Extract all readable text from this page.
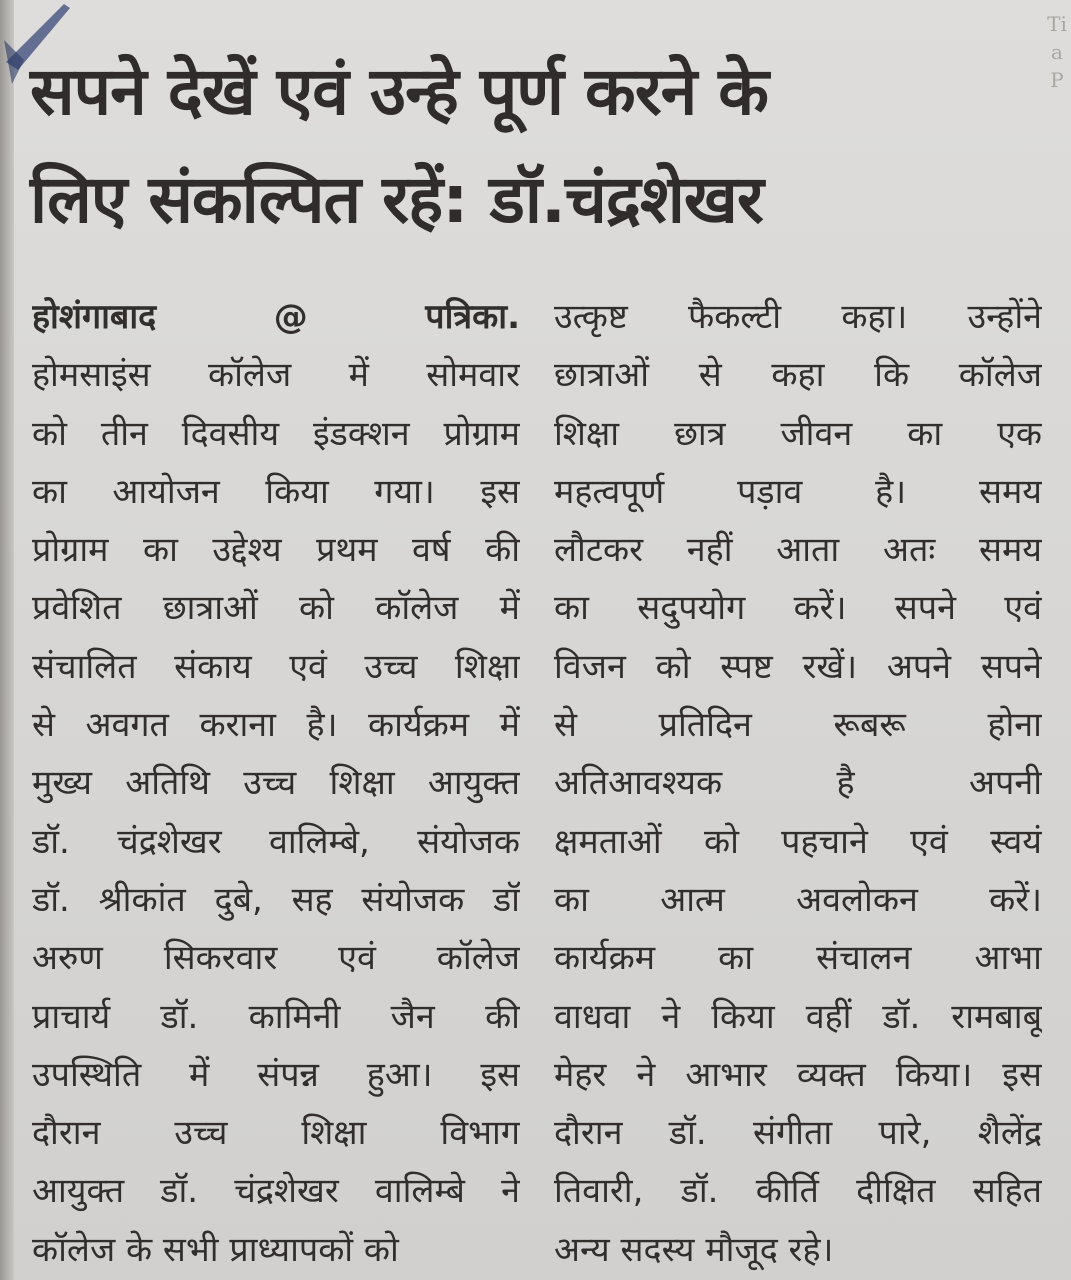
Ti
a
P
सपने देखें एवं उन्हे पूर्ण करने के
लिए संकल्पित रहें: डॉ.चंद्रशेखर
होशंगाबाद	@	पत्रिका.
होमसाइंस कॉलेज में सोमवार
को तीन दिवसीय इंडक्शन प्रोग्राम
का आयोजन किया गया। इस
प्रोग्राम का उद्देश्य प्रथम वर्ष की
प्रवेशित छात्राओं को कॉलेज में
संचालित संकाय एवं उच्च शिक्षा
से अवगत कराना है। कार्यक्रम में
मुख्य अतिथि उच्च शिक्षा आयुक्त
डॉ. चंद्रशेखर वालिम्बे, संयोजक
डॉ. श्रीकांत दुबे, सह संयोजक डॉ
अरुण सिकरवार एवं कॉलेज
प्राचार्य डॉ. कामिनी जैन की
उपस्थिति में संपन्न हुआ। इस
दौरान उच्च शिक्षा विभाग
आयुक्त डॉ. चंद्रशेखर वालिम्बे ने
कॉलेज के सभी प्राध्यापकों को
उत्कृष्ट फैकल्टी कहा। उन्होंने
छात्राओं से कहा कि कॉलेज
शिक्षा छात्र जीवन का एक
महत्वपूर्ण पड़ाव है। समय
लौटकर नहीं आता अतः समय
का सदुपयोग करें। सपने एवं
विजन को स्पष्ट रखें। अपने सपने
से प्रतिदिन रूबरू होना
अतिआवश्यक है अपनी
क्षमताओं को पहचाने एवं स्वयं
का आत्म अवलोकन करें।
कार्यक्रम का संचालन आभा
वाधवा ने किया वहीं डॉ. रामबाबू
मेहर ने आभार व्यक्त किया। इस
दौरान डॉ. संगीता पारे, शैलेंद्र
तिवारी, डॉ. कीर्ति दीक्षित सहित
अन्य सदस्य मौजूद रहे।
